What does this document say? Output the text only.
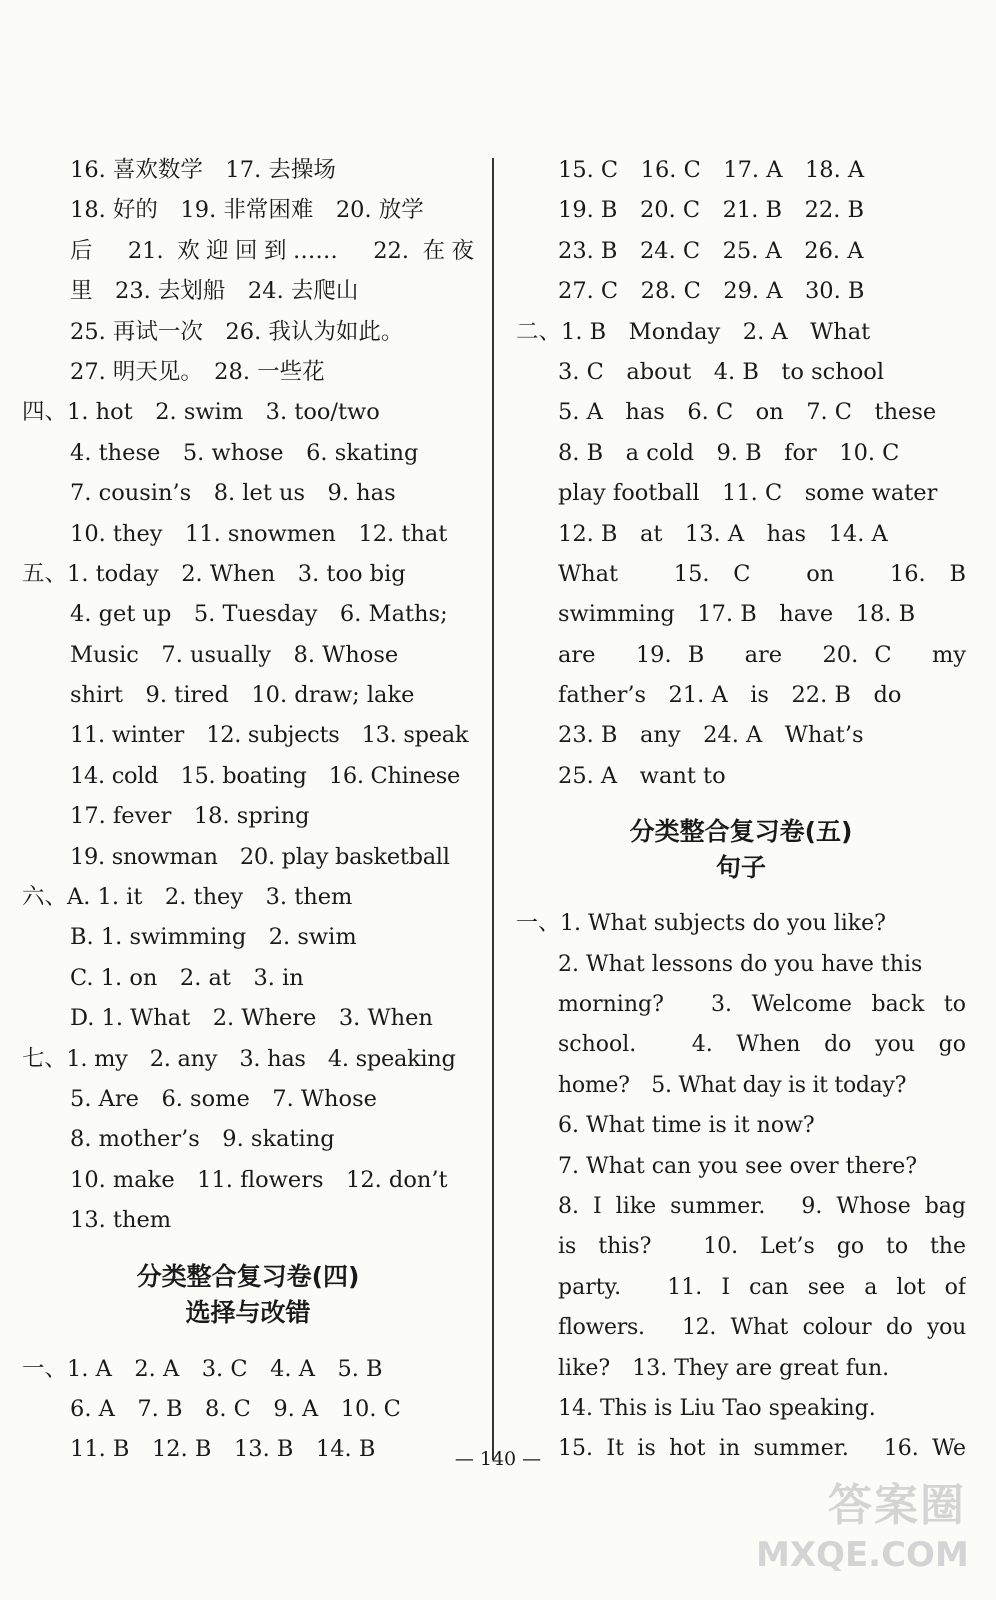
16. 喜欢数学　17. 去操场
18. 好的　19. 非常困难　20. 放学
后　21. 欢迎回到……　22. 在夜
里　23. 去划船　24. 去爬山
25. 再试一次　26. 我认为如此。
27. 明天见。　28. 一些花
四、1. hot　2. swim　3. too/two
4. these　5. whose　6. skating
7. cousin’s　8. let us　9. has
10. they　11. snowmen　12. that
五、1. today　2. When　3. too big
4. get up　5. Tuesday　6. Maths;
Music　7. usually　8. Whose
shirt　9. tired　10. draw; lake
11. winter　12. subjects　13. speak
14. cold　15. boating　16. Chinese
17. fever　18. spring
19. snowman　20. play basketball
六、A. 1. it　2. they　3. them
B. 1. swimming　2. swim
C. 1. on　2. at　3. in
D. 1. What　2. Where　3. When
七、1. my　2. any　3. has　4. speaking
5. Are　6. some　7. Whose
8. mother’s　9. skating
10. make　11. flowers　12. don’t
13. them
分类整合复习卷(四)
选择与改错
一、1. A　2. A　3. C　4. A　5. B
6. A　7. B　8. C　9. A　10. C
11. B　12. B　13. B　14. B
15. C　16. C　17. A　18. A
19. B　20. C　21. B　22. B
23. B　24. C　25. A　26. A
27. C　28. C　29. A　30. B
二、1. B　Monday　2. A　What
3. C　about　4. B　to school
5. A　has　6. C　on　7. C　these
8. B　a cold　9. B　for　10. C
play football　11. C　some water
12. B　at　13. A　has　14. A
What　15. C　on　16. B
swimming　17. B　have　18. B
are　19. B　are　20. C　my
father’s　21. A　is　22. B　do
23. B　any　24. A　What’s
25. A　want to
分类整合复习卷(五)
句子
一、1. What subjects do you like?
2. What lessons do you have this
morning?　3. Welcome back to
school.　4. When do you go
home?　5. What day is it today?
6. What time is it now?
7. What can you see over there?
8. I like summer.　9. Whose bag
is this?　10. Let’s go to the
party.　11. I can see a lot of
flowers.　12. What colour do you
like?　13. They are great fun.
14. This is Liu Tao speaking.
15. It is hot in summer.　16. We
— 140 —
答案圈
MXQE.COM
